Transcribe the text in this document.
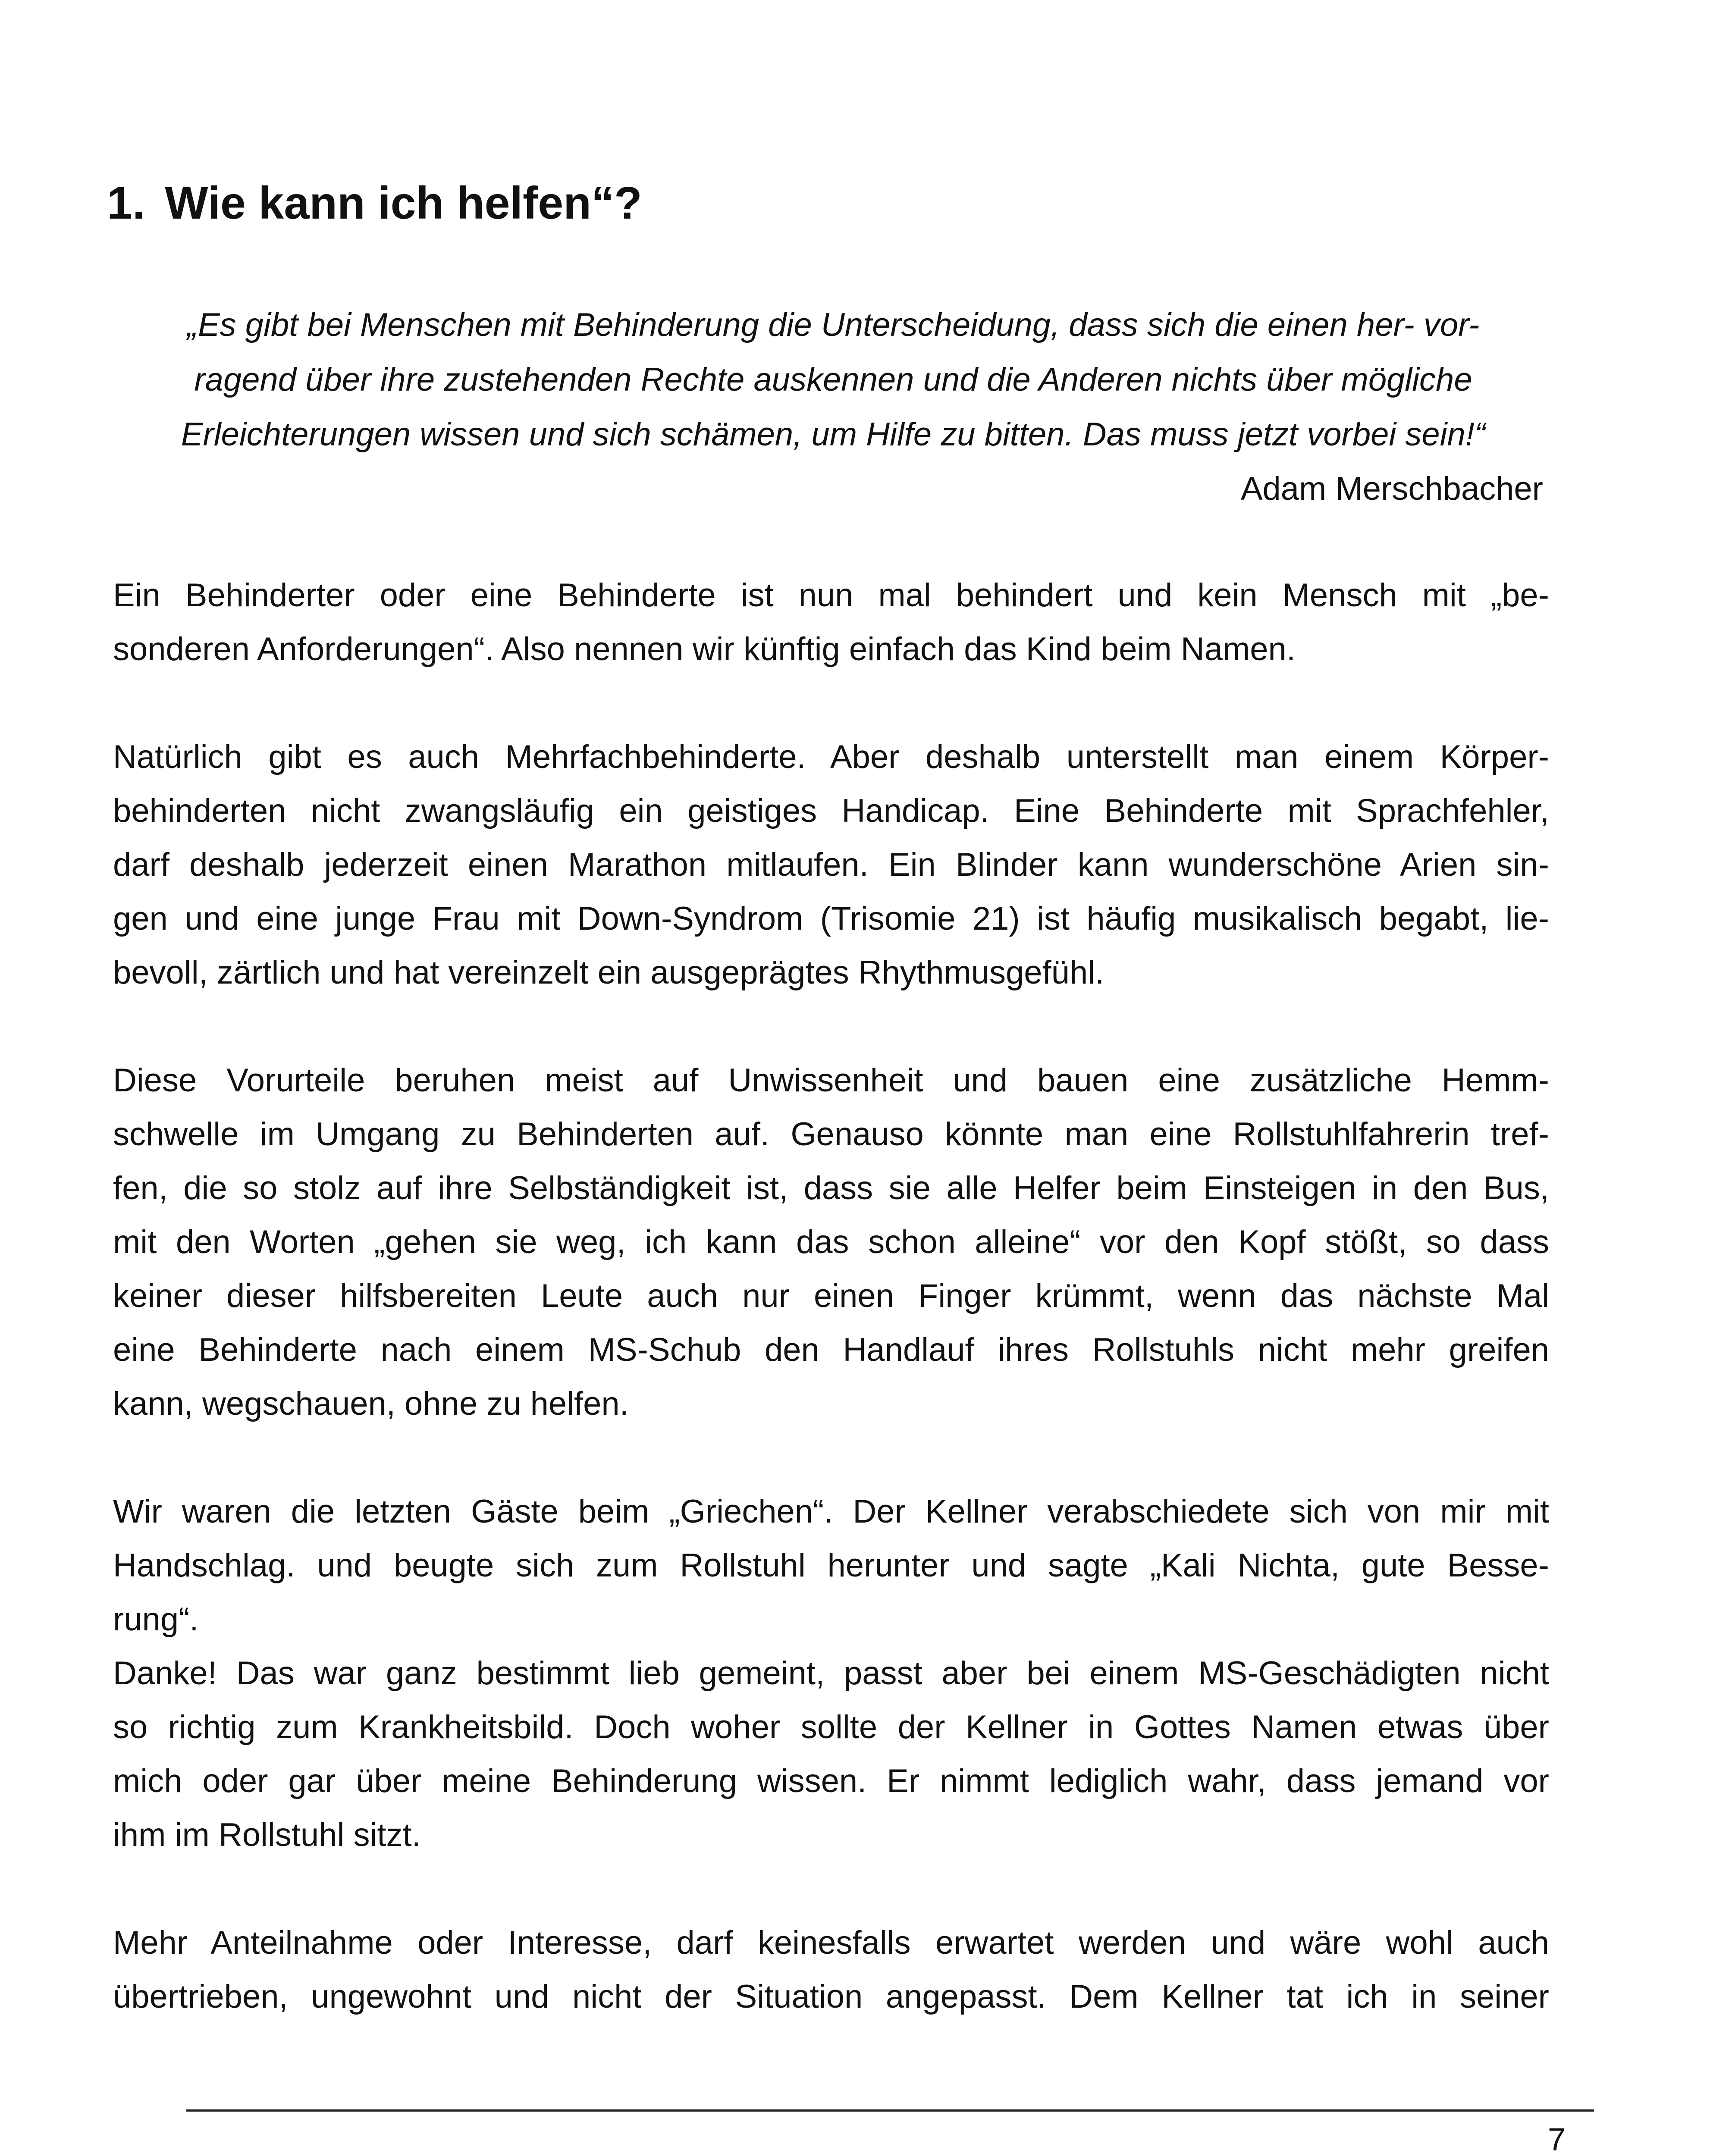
1. Wie kann ich helfen“?
„Es gibt bei Menschen mit Behinderung die Unterscheidung, dass sich die einen her- vor-
ragend über ihre zustehenden Rechte auskennen und die Anderen nichts über mögliche
Erleichterungen wissen und sich schämen, um Hilfe zu bitten. Das muss jetzt vorbei sein!“

Adam Merschbacher

Ein Behinderter oder eine Behinderte ist nun mal behindert und kein Mensch mit „be-
sonderen Anforderungen“. Also nennen wir künftig einfach das Kind beim Namen.

Natürlich gibt es auch Mehrfachbehinderte. Aber deshalb unterstellt man einem Körper-
behinderten nicht zwangsläufig ein geistiges Handicap. Eine Behinderte mit Sprachfehler,
darf deshalb jederzeit einen Marathon mitlaufen. Ein Blinder kann wunderschöne Arien sin-
gen und eine junge Frau mit Down-Syndrom (Trisomie 21) ist häufig musikalisch begabt, lie-
bevoll, zärtlich und hat vereinzelt ein ausgeprägtes Rhythmusgefühl.

Diese Vorurteile beruhen meist auf Unwissenheit und bauen eine zusätzliche Hemm-
schwelle im Umgang zu Behinderten auf. Genauso könnte man eine Rollstuhlfahrerin tref-
fen, die so stolz auf ihre Selbständigkeit ist, dass sie alle Helfer beim Einsteigen in den Bus,
mit den Worten „gehen sie weg, ich kann das schon alleine“ vor den Kopf stößt, so dass
keiner dieser hilfsbereiten Leute auch nur einen Finger krümmt, wenn das nächste Mal
eine Behinderte nach einem MS-Schub den Handlauf ihres Rollstuhls nicht mehr greifen
kann, wegschauen, ohne zu helfen.

Wir waren die letzten Gäste beim „Griechen“. Der Kellner verabschiedete sich von mir mit
Handschlag. und beugte sich zum Rollstuhl herunter und sagte „Kali Nichta, gute Besse-
rung“.

Danke! Das war ganz bestimmt lieb gemeint, passt aber bei einem MS-Geschädigten nicht
so richtig zum Krankheitsbild. Doch woher sollte der Kellner in Gottes Namen etwas über
mich oder gar über meine Behinderung wissen. Er nimmt lediglich wahr, dass jemand vor
ihm im Rollstuhl sitzt.

Mehr Anteilnahme oder Interesse, darf keinesfalls erwartet werden und wäre wohl auch
übertrieben, ungewohnt und nicht der Situation angepasst. Dem Kellner tat ich in seiner

7
